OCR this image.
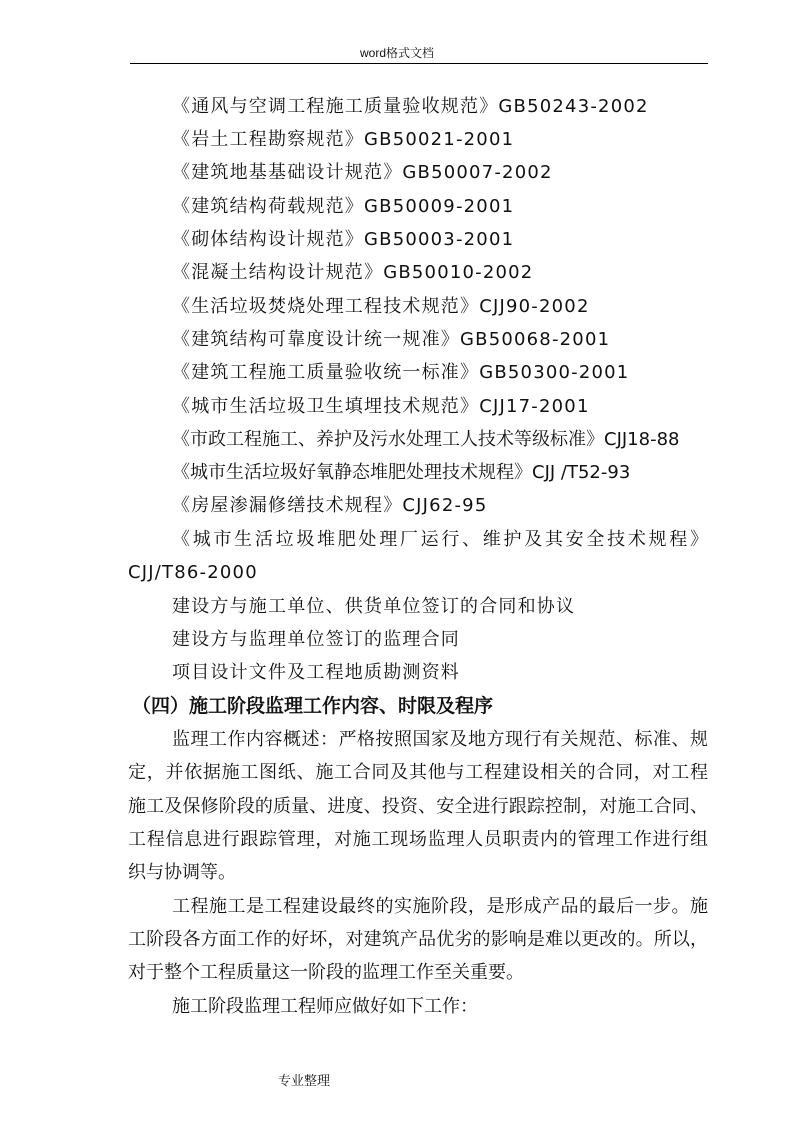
word格式文档
《通风与空调工程施工质量验收规范》GB50243-2002
《岩土工程勘察规范》GB50021-2001
《建筑地基基础设计规范》GB50007-2002
《建筑结构荷载规范》GB50009-2001
《砌体结构设计规范》GB50003-2001
《混凝土结构设计规范》GB50010-2002
《生活垃圾焚烧处理工程技术规范》CJJ90-2002
《建筑结构可靠度设计统一规准》GB50068-2001
《建筑工程施工质量验收统一标准》GB50300-2001
《城市生活垃圾卫生填埋技术规范》CJJ17-2001
《市政工程施工、养护及污水处理工人技术等级标准》CJJ18-88
《城市生活垃圾好氧静态堆肥处理技术规程》CJJ /T52-93
《房屋渗漏修缮技术规程》CJJ62-95
《城市生活垃圾堆肥处理厂运行、维护及其安全技术规程》
CJJ/T86-2000
建设方与施工单位、供货单位签订的合同和协议
建设方与监理单位签订的监理合同
项目设计文件及工程地质勘测资料
（四）施工阶段监理工作内容、时限及程序
监理工作内容概述：严格按照国家及地方现行有关规范、标准、规
定，并依据施工图纸、施工合同及其他与工程建设相关的合同，对工程
施工及保修阶段的质量、进度、投资、安全进行跟踪控制，对施工合同、
工程信息进行跟踪管理，对施工现场监理人员职责内的管理工作进行组
织与协调等。
工程施工是工程建设最终的实施阶段，是形成产品的最后一步。施
工阶段各方面工作的好坏，对建筑产品优劣的影响是难以更改的。所以，
对于整个工程质量这一阶段的监理工作至关重要。
施工阶段监理工程师应做好如下工作：
专业整理
